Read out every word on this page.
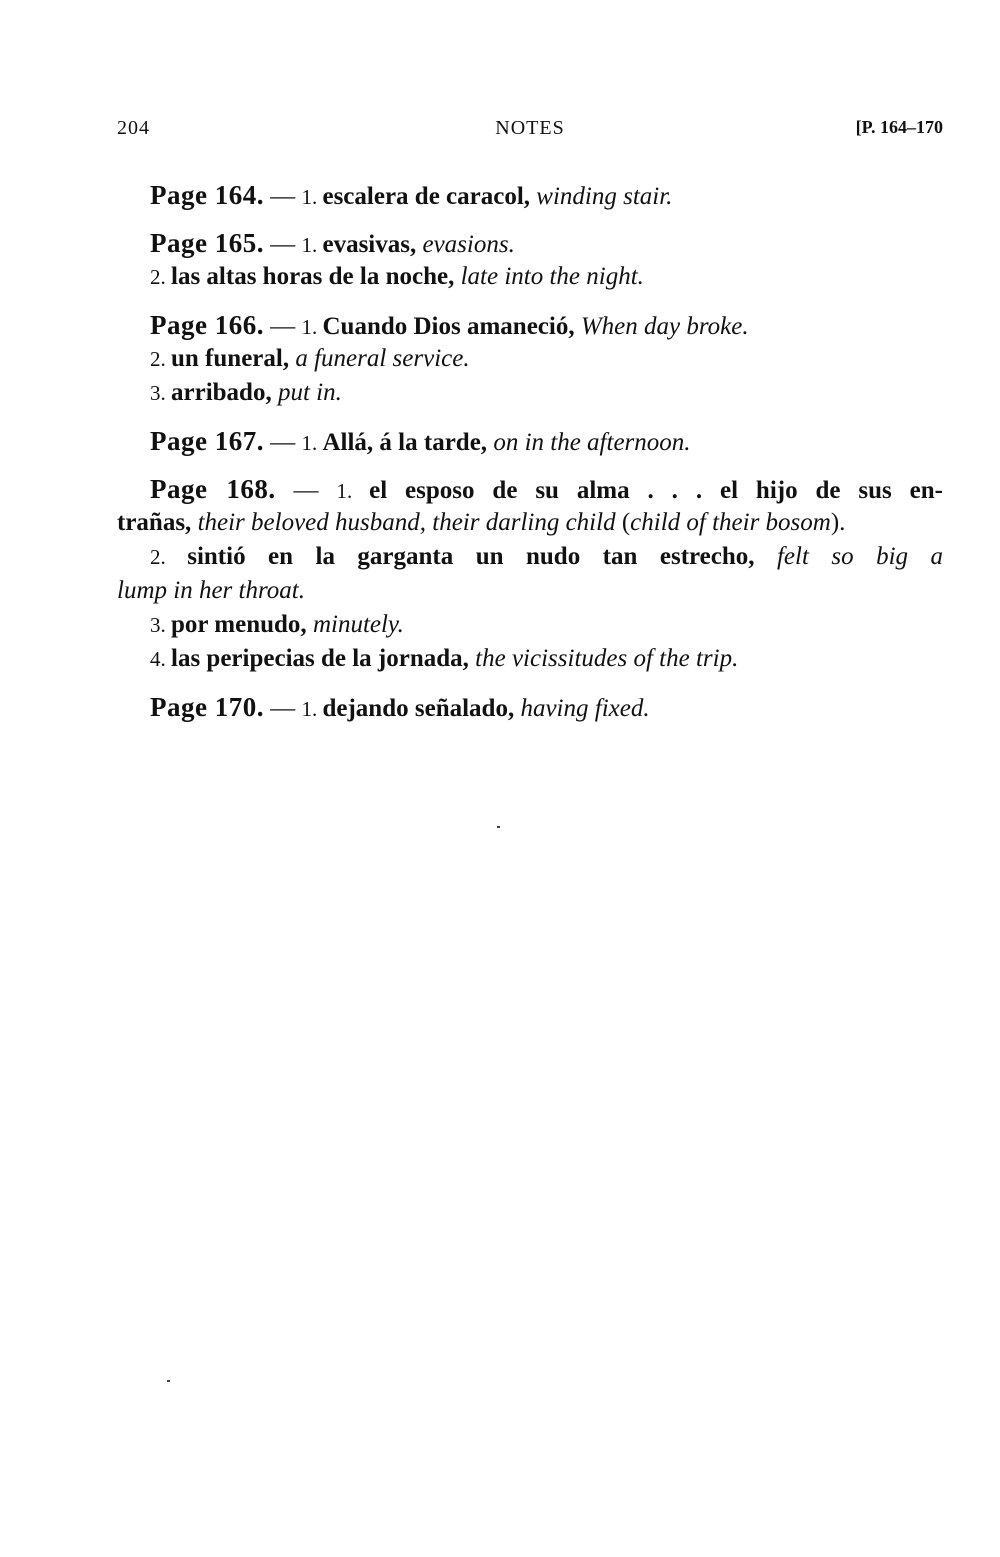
204	NOTES	[P. 164–170
Page 164. — 1. escalera de caracol, winding stair.
Page 165. — 1. evasivas, evasions.
2. las altas horas de la noche, late into the night.
Page 166. — 1. Cuando Dios amaneció, When day broke.
2. un funeral, a funeral service.
3. arribado, put in.
Page 167. — 1. Allá, á la tarde, on in the afternoon.
Page 168. — 1. el esposo de su alma . . . el hijo de sus en-
trañas, their beloved husband, their darling child (child of their bosom).
2. sintió en la garganta un nudo tan estrecho, felt so big a
lump in her throat.
3. por menudo, minutely.
4. las peripecias de la jornada, the vicissitudes of the trip.
Page 170. — 1. dejando señalado, having fixed.
